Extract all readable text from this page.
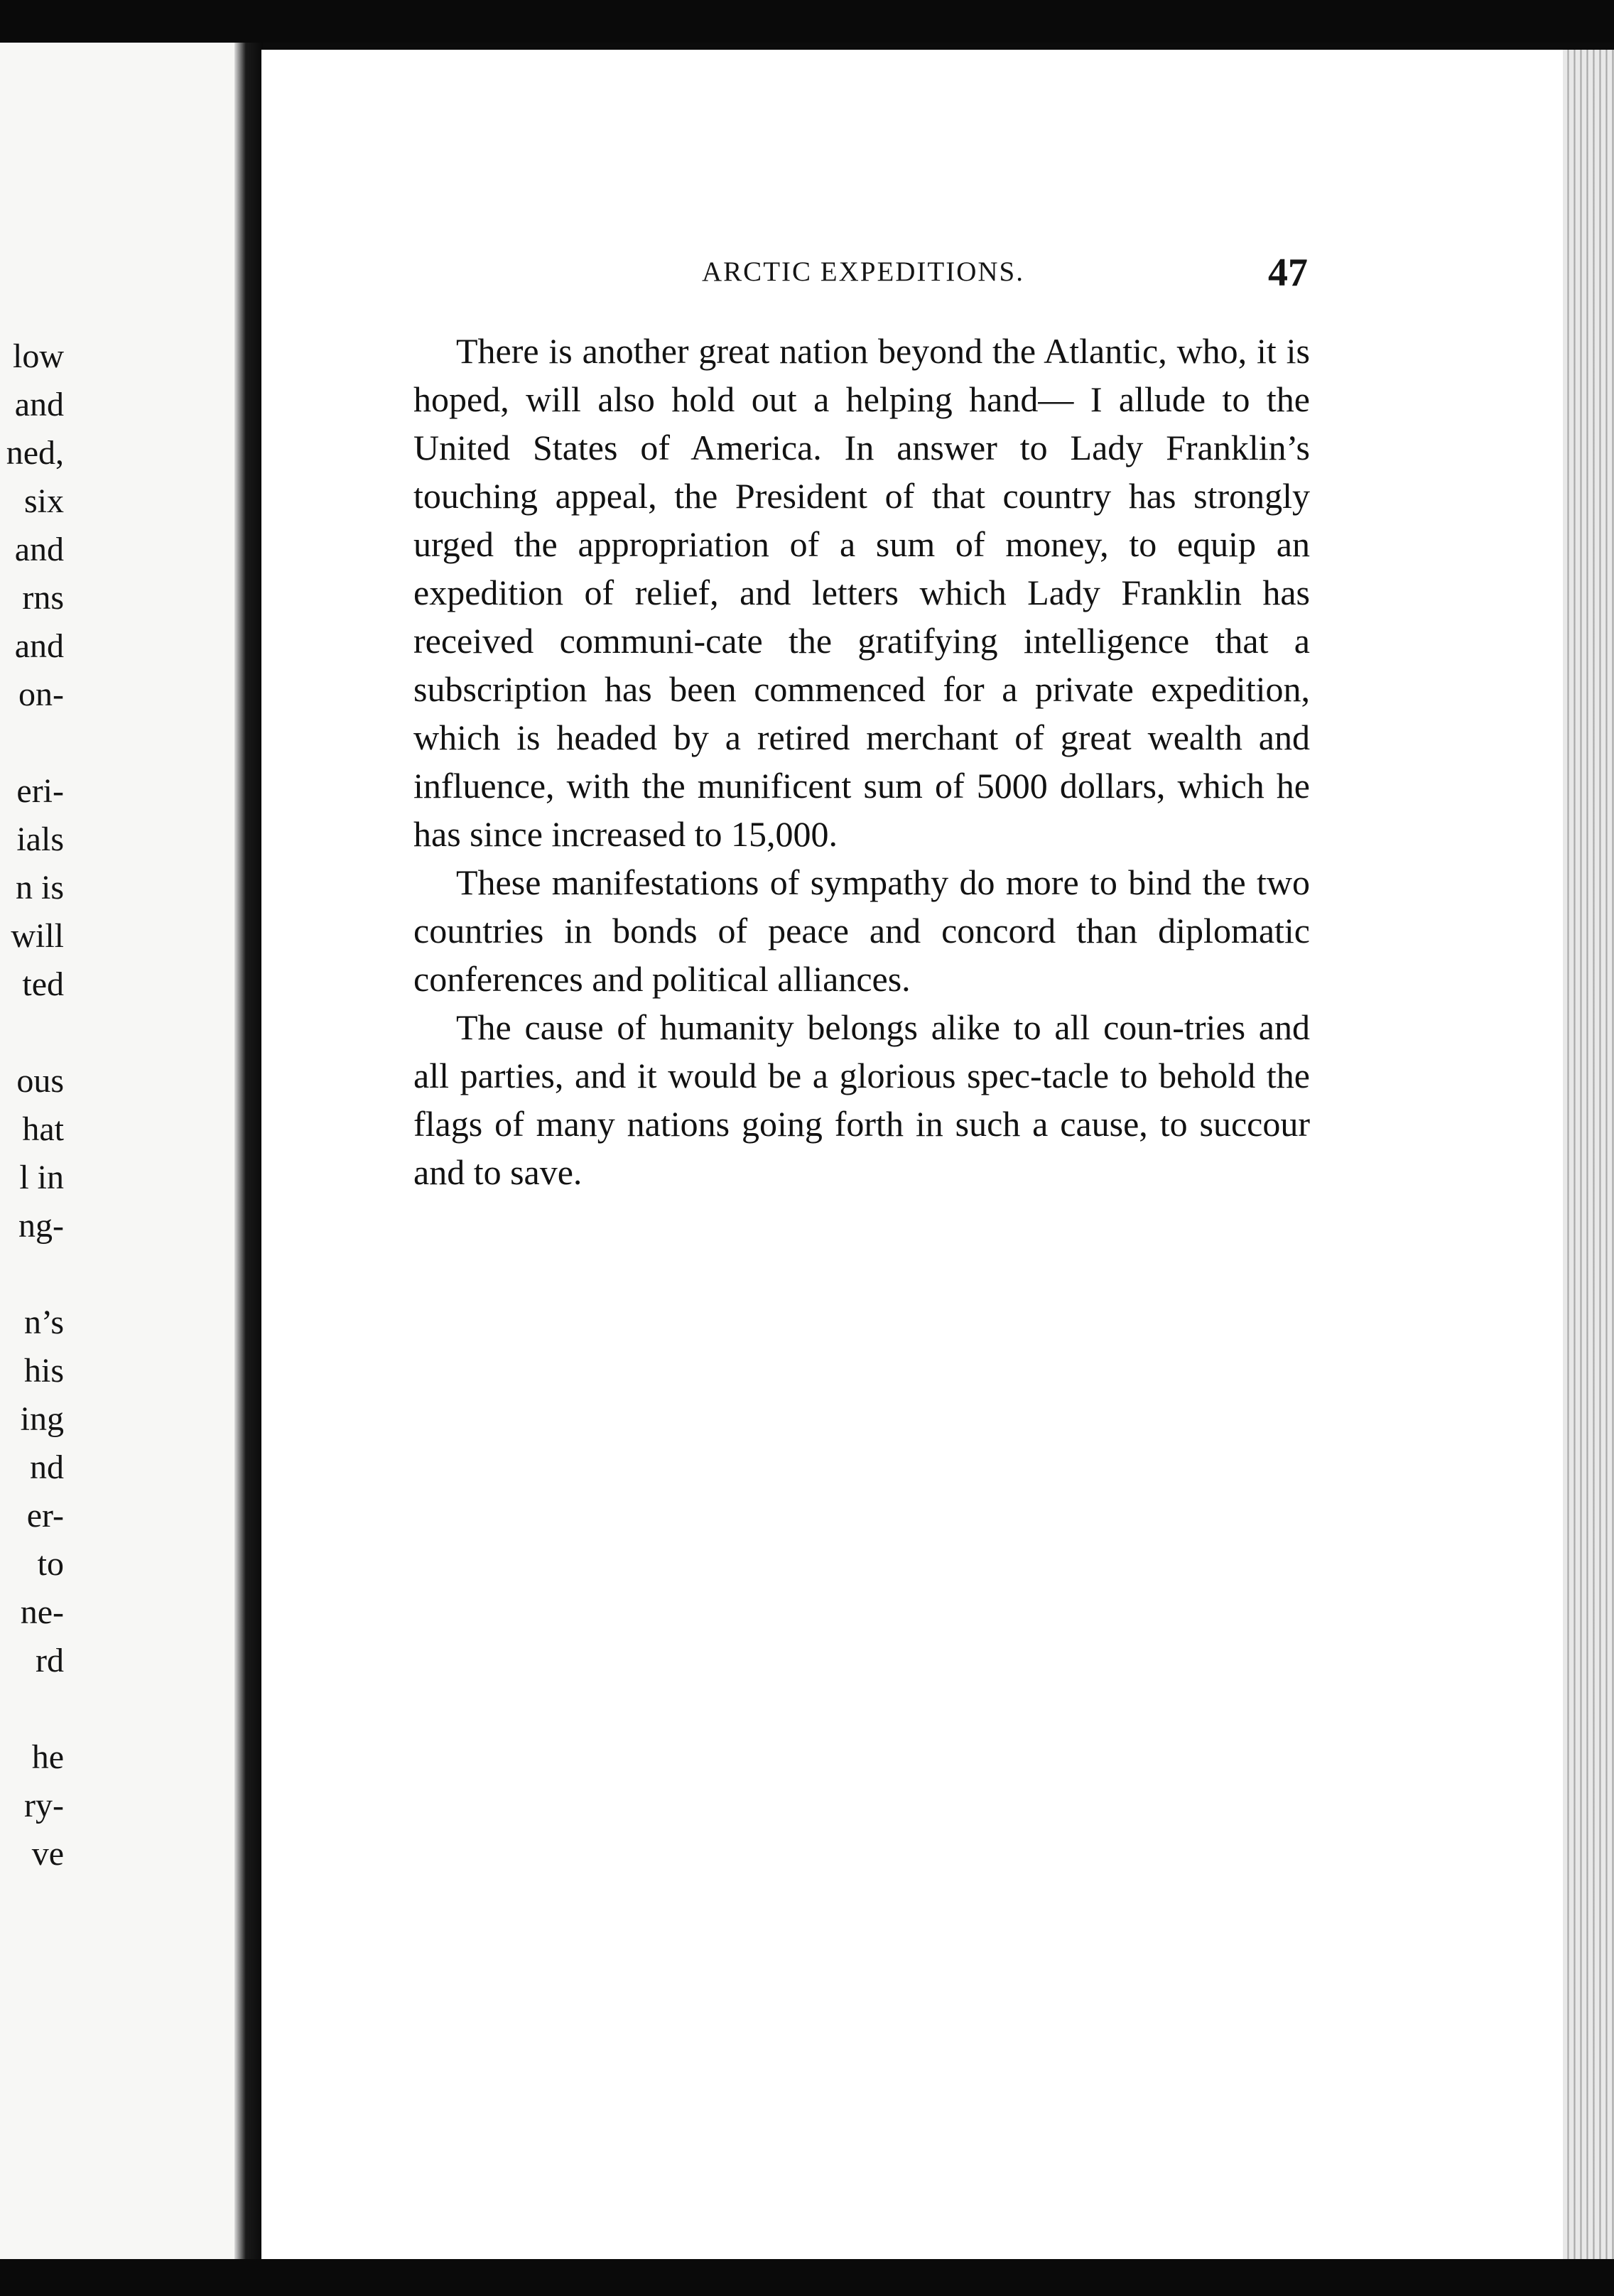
low
and
ned,
six
and
rns
and
on-
eri-
ials
n is
will
ted
ous
hat
l in
ng-
n’s
his
ing
nd
er-
to
ne-
rd
he
ry-
ve
ARCTIC EXPEDITIONS.	47

There is another great nation beyond the Atlantic, who, it is hoped, will also hold out a helping hand— I allude to the United States of America. In answer to Lady Franklin’s touching appeal, the President of that country has strongly urged the appropriation of a sum of money, to equip an expedition of relief, and letters which Lady Franklin has received communi-cate the gratifying intelligence that a subscription has been commenced for a private expedition, which is headed by a retired merchant of great wealth and influence, with the munificent sum of 5000 dollars, which he has since increased to 15,000.

These manifestations of sympathy do more to bind the two countries in bonds of peace and concord than diplomatic conferences and political alliances.

The cause of humanity belongs alike to all coun-tries and all parties, and it would be a glorious spec-tacle to behold the flags of many nations going forth in such a cause, to succour and to save.
